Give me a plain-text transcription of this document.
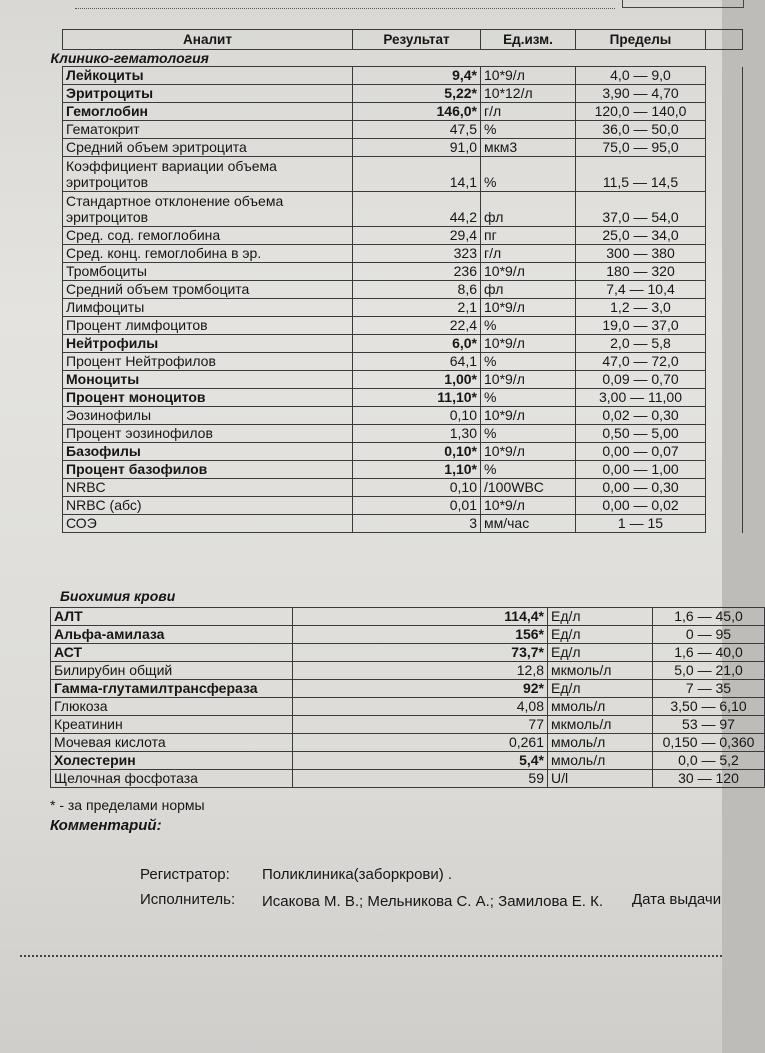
Аналит	Результат	Ед.изм.	Пределы	
Клинико-гематология
Лейкоциты	9,4*	10*9/л	4,0 — 9,0	
Эритроциты	5,22*	10*12/л	3,90 — 4,70	
Гемоглобин	146,0*	г/л	120,0 — 140,0	
Гематокрит	47,5	%	36,0 — 50,0	
Средний объем эритроцита	91,0	мкм3	75,0 — 95,0	
Коэффициент вариации объема эритроцитов	14,1	%	11,5 — 14,5	
Стандартное отклонение объема эритроцитов	44,2	фл	37,0 — 54,0	
Сред. сод. гемоглобина	29,4	пг	25,0 — 34,0	
Сред. конц. гемоглобина в эр.	323	г/л	300 — 380	
Тромбоциты	236	10*9/л	180 — 320	
Средний объем тромбоцита	8,6	фл	7,4 — 10,4	
Лимфоциты	2,1	10*9/л	1,2 — 3,0	
Процент лимфоцитов	22,4	%	19,0 — 37,0	
Нейтрофилы	6,0*	10*9/л	2,0 — 5,8	
Процент Нейтрофилов	64,1	%	47,0 — 72,0	
Моноциты	1,00*	10*9/л	0,09 — 0,70	
Процент моноцитов	11,10*	%	3,00 — 11,00	
Эозинофилы	0,10	10*9/л	0,02 — 0,30	
Процент эозинофилов	1,30	%	0,50 — 5,00	
Базофилы	0,10*	10*9/л	0,00 — 0,07	
Процент базофилов	1,10*	%	0,00 — 1,00	
NRBC	0,10	/100WBC	0,00 — 0,30	
NRBC (абс)	0,01	10*9/л	0,00 — 0,02	
СОЭ	3	мм/час	1 — 15	
АЛТ	114,4*	Ед/л	1,6 — 45,0
Альфа-амилаза	156*	Ед/л	0 — 95
АСТ	73,7*	Ед/л	1,6 — 40,0
Билирубин общий	12,8	мкмоль/л	5,0 — 21,0
Гамма-глутамилтрансфераза	92*	Ед/л	7 — 35
Глюкоза	4,08	ммоль/л	3,50 — 6,10
Креатинин	77	мкмоль/л	53 — 97
Мочевая кислота	0,261	ммоль/л	0,150 — 0,360
Холестерин	5,4*	ммоль/л	0,0 — 5,2
Щелочная фосфотаза	59	U/l	30 — 120
Биохимия крови
* - за пределами нормы
Комментарий:
Регистратор: Поликлиника(заборкрови) .
Исполнитель: Исакова М. В.; Мельникова С. А.; Замилова Е. К.	Дата выдачи
